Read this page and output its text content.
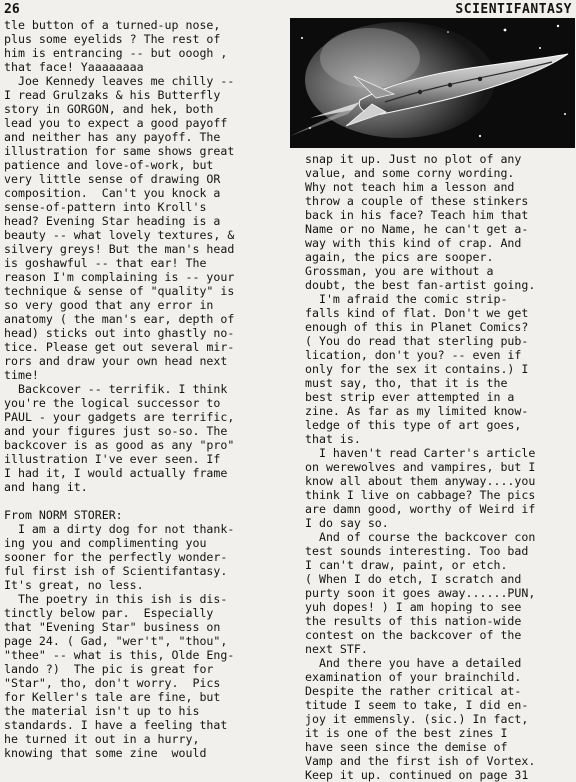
26	SCIENTIFANTASY
tle button of a turned-up nose,
plus some eyelids ? The rest of
him is entrancing -- but ooogh ,
that face! Yaaaaaaaa
Joe Kennedy leaves me chilly --
I read Grulzaks & his Butterfly
story in GORGON, and hek, both
lead you to expect a good payoff
and neither has any payoff. The
illustration for same shows great
patience and love-of-work, but
very little sense of drawing OR
composition.  Can't you knock a
sense-of-pattern into Kroll's
head? Evening Star heading is a
beauty -- what lovely textures, &
silvery greys! But the man's head
is goshawful -- that ear! The
reason I'm complaining is -- your
technique & sense of "quality" is
so very good that any error in
anatomy ( the man's ear, depth of
head) sticks out into ghastly no-
tice. Please get out several mir-
rors and draw your own head next
time!
Backcover -- terrifik. I think
you're the logical successor to
PAUL - your gadgets are terrific,
and your figures just so-so. The
backcover is as good as any "pro"
illustration I've ever seen. If
I had it, I would actually frame
and hang it.
From NORM STORER:
I am a dirty dog for not thank-
ing you and complimenting you
sooner for the perfectly wonder-
ful first ish of Scientifantasy.
It's great, no less.
The poetry in this ish is dis-
tinctly below par.  Especially
that "Evening Star" business on
page 24. ( Gad, "wer't", "thou",
"thee" -- what is this, Olde Eng-
lando ?)  The pic is great for
"Star", tho, don't worry.  Pics
for Keller's tale are fine, but
the material isn't up to his
standards. I have a feeling that
he turned it out in a hurry,
knowing that some zine  would
snap it up. Just no plot of any
value, and some corny wording.
Why not teach him a lesson and
throw a couple of these stinkers
back in his face? Teach him that
Name or no Name, he can't get a-
way with this kind of crap. And
again, the pics are sooper.
Grossman, you are without a
doubt, the best fan-artist going.
I'm afraid the comic strip-
falls kind of flat. Don't we get
enough of this in Planet Comics?
( You do read that sterling pub-
lication, don't you? -- even if
only for the sex it contains.) I
must say, tho, that it is the
best strip ever attempted in a
zine. As far as my limited know-
ledge of this type of art goes,
that is.
I haven't read Carter's article
on werewolves and vampires, but I
know all about them anyway....you
think I live on cabbage? The pics
are damn good, worthy of Weird if
I do say so.
And of course the backcover con
test sounds interesting. Too bad
I can't draw, paint, or etch.
( When I do etch, I scratch and
purty soon it goes away......PUN,
yuh dopes! ) I am hoping to see
the results of this nation-wide
contest on the backcover of the
next STF.
And there you have a detailed
examination of your brainchild.
Despite the rather critical at-
titude I seem to take, I did en-
joy it emmensly. (sic.) In fact,
it is one of the best zines I
have seen since the demise of
Vamp and the first ish of Vortex.
Keep it up. continued on page 31
